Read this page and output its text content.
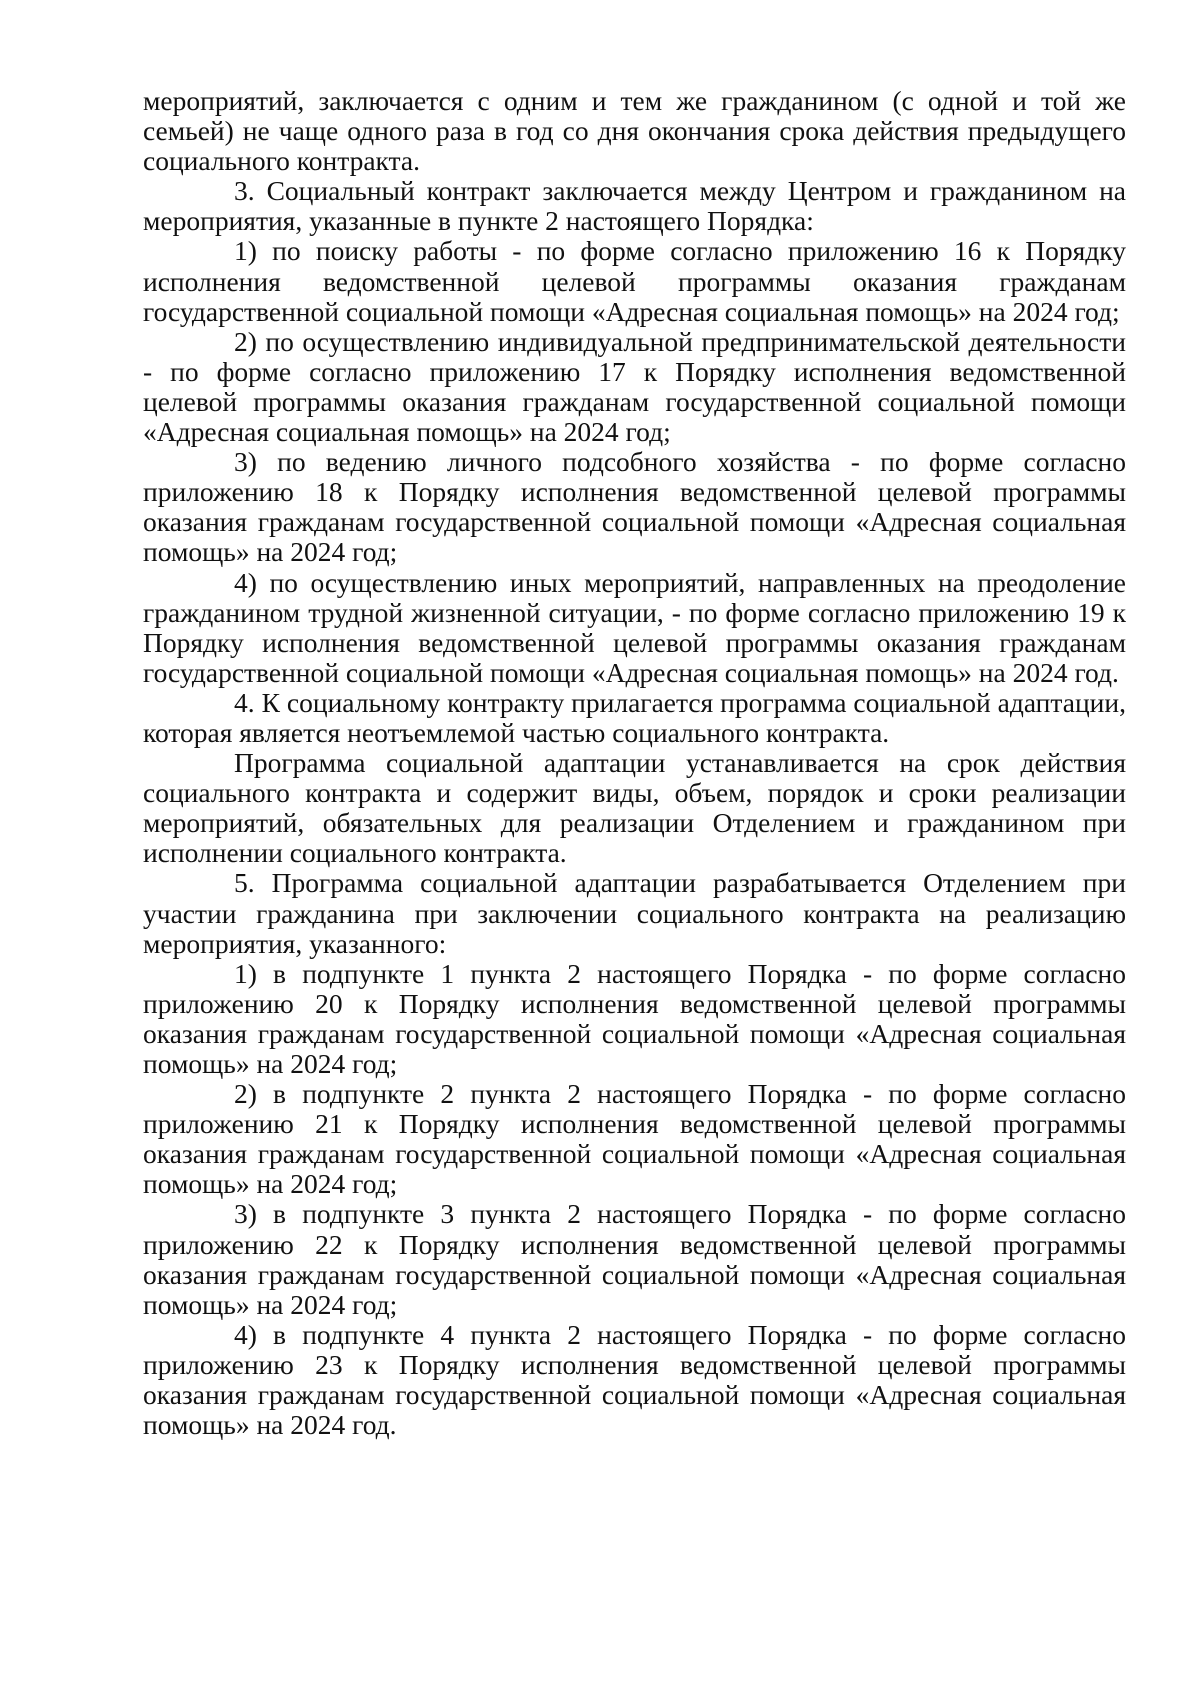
мероприятий, заключается с одним и тем же гражданином (с одной и той же семьей) не чаще одного раза в год со дня окончания срока действия предыдущего социального контракта.

3. Социальный контракт заключается между Центром и гражданином на мероприятия, указанные в пункте 2 настоящего Порядка:

1) по поиску работы - по форме согласно приложению 16 к Порядку исполнения ведомственной целевой программы оказания гражданам государственной социальной помощи «Адресная социальная помощь» на 2024 год;

2) по осуществлению индивидуальной предпринимательской деятельности - по форме согласно приложению 17 к Порядку исполнения ведомственной целевой программы оказания гражданам государственной социальной помощи «Адресная социальная помощь» на 2024 год;

3) по ведению личного подсобного хозяйства - по форме согласно приложению 18 к Порядку исполнения ведомственной целевой программы оказания гражданам государственной социальной помощи «Адресная социальная помощь» на 2024 год;

4) по осуществлению иных мероприятий, направленных на преодоление гражданином трудной жизненной ситуации, - по форме согласно приложению 19 к Порядку исполнения ведомственной целевой программы оказания гражданам государственной социальной помощи «Адресная социальная помощь» на 2024 год.

4. К социальному контракту прилагается программа социальной адаптации, которая является неотъемлемой частью социального контракта.

Программа социальной адаптации устанавливается на срок действия социального контракта и содержит виды, объем, порядок и сроки реализации мероприятий, обязательных для реализации Отделением и гражданином при исполнении социального контракта.

5. Программа социальной адаптации разрабатывается Отделением при участии гражданина при заключении социального контракта на реализацию мероприятия, указанного:

1) в подпункте 1 пункта 2 настоящего Порядка - по форме согласно приложению 20 к Порядку исполнения ведомственной целевой программы оказания гражданам государственной социальной помощи «Адресная социальная помощь» на 2024 год;

2) в подпункте 2 пункта 2 настоящего Порядка - по форме согласно приложению 21 к Порядку исполнения ведомственной целевой программы оказания гражданам государственной социальной помощи «Адресная социальная помощь» на 2024 год;

3) в подпункте 3 пункта 2 настоящего Порядка - по форме согласно приложению 22 к Порядку исполнения ведомственной целевой программы оказания гражданам государственной социальной помощи «Адресная социальная помощь» на 2024 год;

4) в подпункте 4 пункта 2 настоящего Порядка - по форме согласно приложению 23 к Порядку исполнения ведомственной целевой программы оказания гражданам государственной социальной помощи «Адресная социальная помощь» на 2024 год.
